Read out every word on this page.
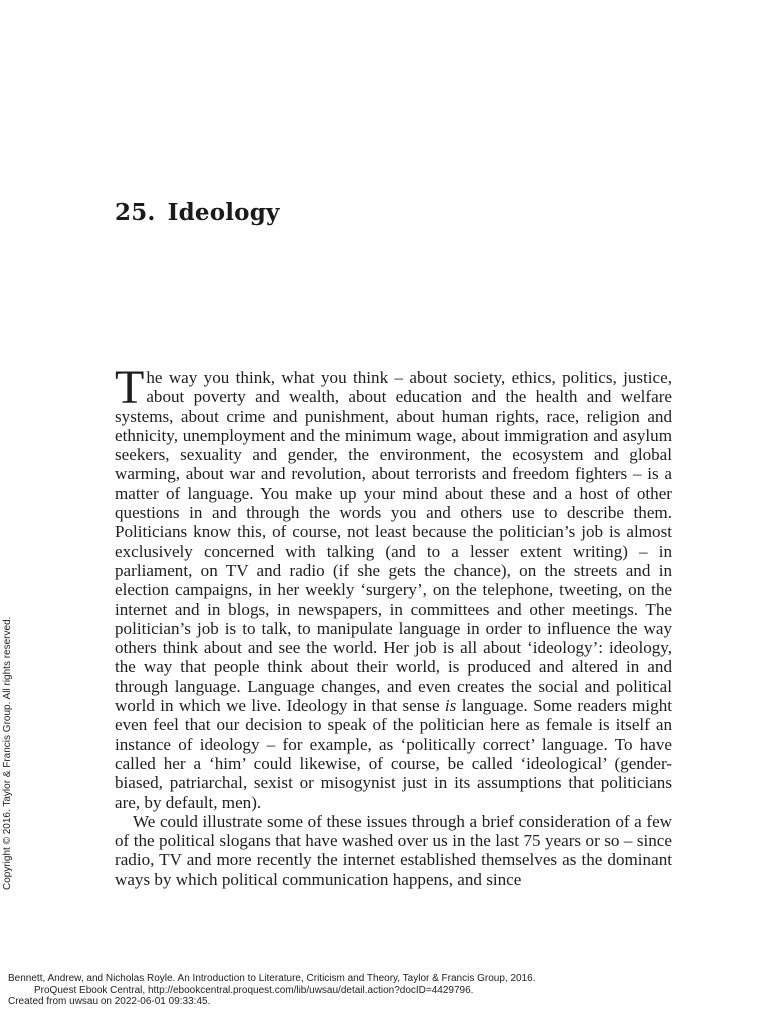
25. Ideology

The way you think, what you think – about society, ethics, politics, justice, about poverty and wealth, about education and the health and welfare systems, about crime and punishment, about human rights, race, religion and ethnicity, unemployment and the minimum wage, about immigration and asylum seekers, sexuality and gender, the environment, the ecosystem and global warming, about war and revolution, about terrorists and freedom fighters – is a matter of language. You make up your mind about these and a host of other questions in and through the words you and others use to describe them. Politicians know this, of course, not least because the politician’s job is almost exclusively concerned with talking (and to a lesser extent writing) – in parliament, on TV and radio (if she gets the chance), on the streets and in election campaigns, in her weekly ‘surgery’, on the telephone, tweeting, on the internet and in blogs, in newspapers, in committees and other meetings. The politician’s job is to talk, to manipulate language in order to influence the way others think about and see the world. Her job is all about ‘ideology’: ideology, the way that people think about their world, is produced and altered in and through language. Language changes, and even creates the social and political world in which we live. Ideology in that sense is language. Some readers might even feel that our decision to speak of the politician here as female is itself an instance of ideology – for example, as ‘politically correct’ language. To have called her a ‘him’ could likewise, of course, be called ‘ideological’ (gender-biased, patriarchal, sexist or misogynist just in its assumptions that politicians are, by default, men).

We could illustrate some of these issues through a brief consideration of a few of the political slogans that have washed over us in the last 75 years or so – since radio, TV and more recently the internet established themselves as the dominant ways by which political communication happens, and since

Copyright © 2016. Taylor & Francis Group. All rights reserved.
Bennett, Andrew, and Nicholas Royle. An Introduction to Literature, Criticism and Theory, Taylor & Francis Group, 2016.
ProQuest Ebook Central, http://ebookcentral.proquest.com/lib/uwsau/detail.action?docID=4429796.
Created from uwsau on 2022-06-01 09:33:45.
